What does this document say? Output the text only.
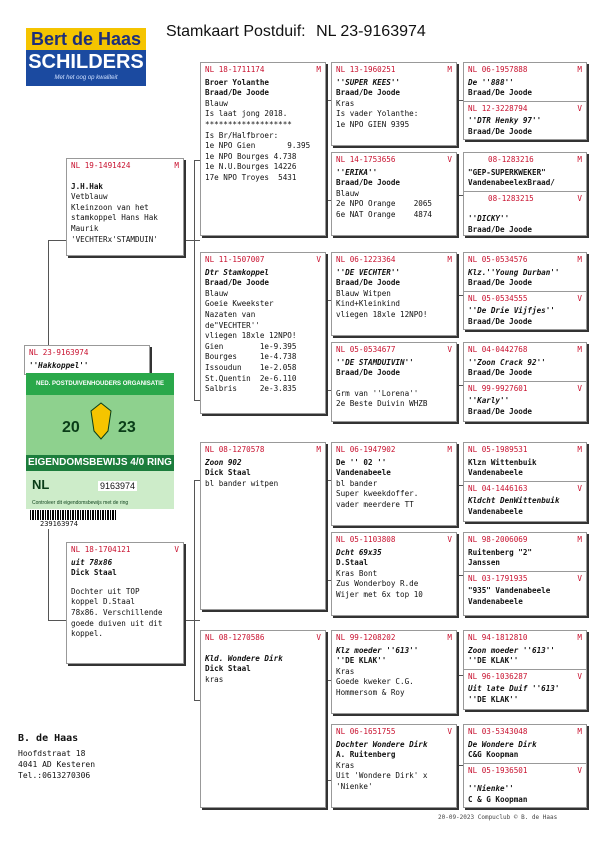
Bert de Haas
SCHILDERS
Met het oog op kwaliteit
Stamkaart Postduif: NL 23-9163974
NL 23-9163974
''Hakkoppel''
NED. POSTDUIVENHOUDERS ORGANISATIE
20 23
EIGENDOMSBEWIJS 4/0 RING
NL	9163974
Controleer dit eigendomsbewijs met de ring
239163974
NL 19-1491424	M
J.H.Hak
Vetblauw
Kleinzoon van het
stamkoppel Hans Hak
Maurik
'VECHTERx'STAMDUIN'
NL 18-1704121	V
uit 78x86
Dick Staal
Dochter uit TOP
koppel D.Staal
78x86. Verschillende
goede duiven uit dit
koppel.
NL 18-1711174	M
Broer Yolanthe
Braad/De Joode
Blauw
Is laat jong 2018.
*******************
Is Br/Halfbroer:
1e NPO Gien       9.395
1e NPO Bourges 4.738
1e N.U.Bourges 14226
17e NPO Troyes  5431
NL 11-1507007	V
Dtr Stamkoppel
Braad/De Joode
Blauw
Goeie Kweekster
Nazaten van
de"VECHTER''
vliegen 18xle 12NPO!
Gien        1e-9.395
Bourges     1e-4.738
Issoudun    1e-2.058
St.Quentin  2e-6.110
Salbris     2e-3.835
NL 08-1270578	M
Zoon 902
Dick Staal
bl bander witpen
NL 08-1270586	V
Kld. Wondere Dirk
Dick Staal
kras
NL 13-1960251	M
''SUPER KEES''
Braad/De Joode
Kras
Is vader Yolanthe:
1e NPO GIEN 9395
NL 14-1753656	V
''ERIKA''
Braad/De Joode
Blauw
2e NPO Orange    2065
6e NAT Orange    4874
NL 06-1223364	M
''DE VECHTER''
Braad/De Joode
Blauw Witpen
Kind+Kleinkind
vliegen 18xle 12NPO!
NL 05-0534677	V
''DE STAMDUIVIN''
Braad/De Joode
Grm van ''Lorena''
2e Beste Duivin WHZB
NL 06-1947902	M
De '' 02 ''
Vandenabeele
bl bander
Super kweekdoffer.
vader meerdere TT
NL 05-1103808	V
Dcht 69x35
D.Staal
Kras Bont
Zus Wonderboy R.de
Wijer met 6x top 10
NL 99-1208202	M
Klz moeder ''613''
''DE KLAK''
Kras
Goede kweker C.G.
Hommersom & Roy
NL 06-1651755	V
Dochter Wondere Dirk
A. Ruitenberg
Kras
Uit 'Wondere Dirk' x
'Nienke'
NL 06-1957888	M
De ''888''
Braad/De Joode
NL 12-3228794	V
''DTR Henky 97''
Braad/De Joode
08-1283216	M
"GEP-SUPERKWEKER"
VandenabeelexBraad/
08-1283215	V
''DICKY''
Braad/De Joode
NL 05-0534576	M
Klz.''Young Durban''
Braad/De Joode
NL 05-0534555	V
''De Drie Vijfjes''
Braad/De Joode
NL 04-0442768	M
''Zoon Crack 92''
Braad/De Joode
NL 99-9927601	V
''Karly''
Braad/De Joode
NL 05-1989531	M
Klzn Wittenbuik
Vandenabeele
NL 04-1446163	V
Kldcht DenWittenbuik
Vandenabeele
NL 98-2006069	M
Ruitenberg "2"
Janssen
NL 03-1791935	V
"935" Vandenabeele
Vandenabeele
NL 94-1812810	M
Zoon moeder ''613''
''DE KLAK''
NL 96-1036287	V
Uit late Duif ''613'
''DE KLAK''
NL 03-5343048	M
De Wondere Dirk
C&G Koopman
NL 05-1936501	V
''Nienke''
C & G Koopman
B. de Haas
Hoofdstraat 18
4041 AD Kesteren
Tel.:0613270306
20-09-2023 Compuclub © B. de Haas
